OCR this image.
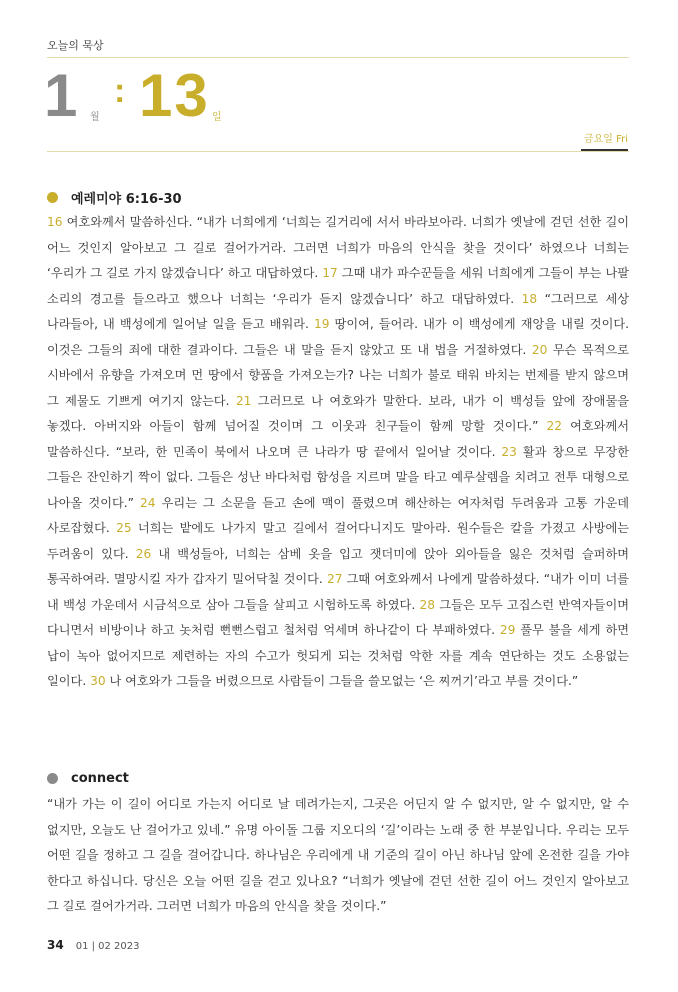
오늘의 묵상
1 월
: 13 일
금요일 Fri
예레미야 6:16-30

16 여호와께서 말씀하신다. “내가 너희에게 ‘너희는 길거리에 서서 바라보아라. 너희가 옛날에 걷던 선한 길이 어느 것인지 알아보고 그 길로 걸어가거라. 그러면 너희가 마음의 안식을 찾을 것이다’ 하였으나 너희는 ‘우리가 그 길로 가지 않겠습니다’ 하고 대답하였다. 17 그때 내가 파수꾼들을 세워 너희에게 그들이 부는 나팔 소리의 경고를 들으라고 했으나 너희는 ‘우리가 듣지 않겠습니다’ 하고 대답하였다. 18 “그러므로 세상 나라들아, 내 백성에게 일어날 일을 듣고 배워라. 19 땅이여, 들어라. 내가 이 백성에게 재앙을 내릴 것이다. 이것은 그들의 죄에 대한 결과이다. 그들은 내 말을 듣지 않았고 또 내 법을 거절하였다. 20 무슨 목적으로 시바에서 유향을 가져오며 먼 땅에서 향품을 가져오는가? 나는 너희가 불로 태워 바치는 번제를 받지 않으며 그 제물도 기쁘게 여기지 않는다. 21 그러므로 나 여호와가 말한다. 보라, 내가 이 백성들 앞에 장애물을 놓겠다. 아버지와 아들이 함께 넘어질 것이며 그 이웃과 친구들이 함께 망할 것이다.” 22 여호와께서 말씀하신다. “보라, 한 민족이 북에서 나오며 큰 나라가 땅 끝에서 일어날 것이다. 23 활과 창으로 무장한 그들은 잔인하기 짝이 없다. 그들은 성난 바다처럼 함성을 지르며 말을 타고 예루살렘을 치려고 전투 대형으로 나아올 것이다.” 24 우리는 그 소문을 듣고 손에 맥이 풀렸으며 해산하는 여자처럼 두려움과 고통 가운데 사로잡혔다. 25 너희는 밭에도 나가지 말고 길에서 걸어다니지도 말아라. 원수들은 칼을 가졌고 사방에는 두려움이 있다. 26 내 백성들아, 너희는 삼베 옷을 입고 잿더미에 앉아 외아들을 잃은 것처럼 슬퍼하며 통곡하여라. 멸망시킬 자가 갑자기 밀어닥칠 것이다. 27 그때 여호와께서 나에게 말씀하셨다. “내가 이미 너를 내 백성 가운데서 시금석으로 삼아 그들을 살피고 시험하도록 하였다. 28 그들은 모두 고집스런 반역자들이며 다니면서 비방이나 하고 놋처럼 뻔뻔스럽고 철처럼 억세며 하나같이 다 부패하였다. 29 풀무 불을 세게 하면 납이 녹아 없어지므로 제련하는 자의 수고가 헛되게 되는 것처럼 악한 자를 계속 연단하는 것도 소용없는 일이다. 30 나 여호와가 그들을 버렸으므로 사람들이 그들을 쓸모없는 ‘은 찌꺼기’라고 부를 것이다.”

connect

“내가 가는 이 길이 어디로 가는지 어디로 날 데려가는지, 그곳은 어딘지 알 수 없지만, 알 수 없지만, 알 수 없지만, 오늘도 난 걸어가고 있네.” 유명 아이돌 그룹 지오디의 ‘길’이라는 노래 중 한 부분입니다. 우리는 모두 어떤 길을 정하고 그 길을 걸어갑니다. 하나님은 우리에게 내 기준의 길이 아닌 하나님 앞에 온전한 길을 가야 한다고 하십니다. 당신은 오늘 어떤 길을 걷고 있나요? “너희가 옛날에 걷던 선한 길이 어느 것인지 알아보고 그 길로 걸어가거라. 그러면 너희가 마음의 안식을 찾을 것이다.”

34 01 | 02 2023
